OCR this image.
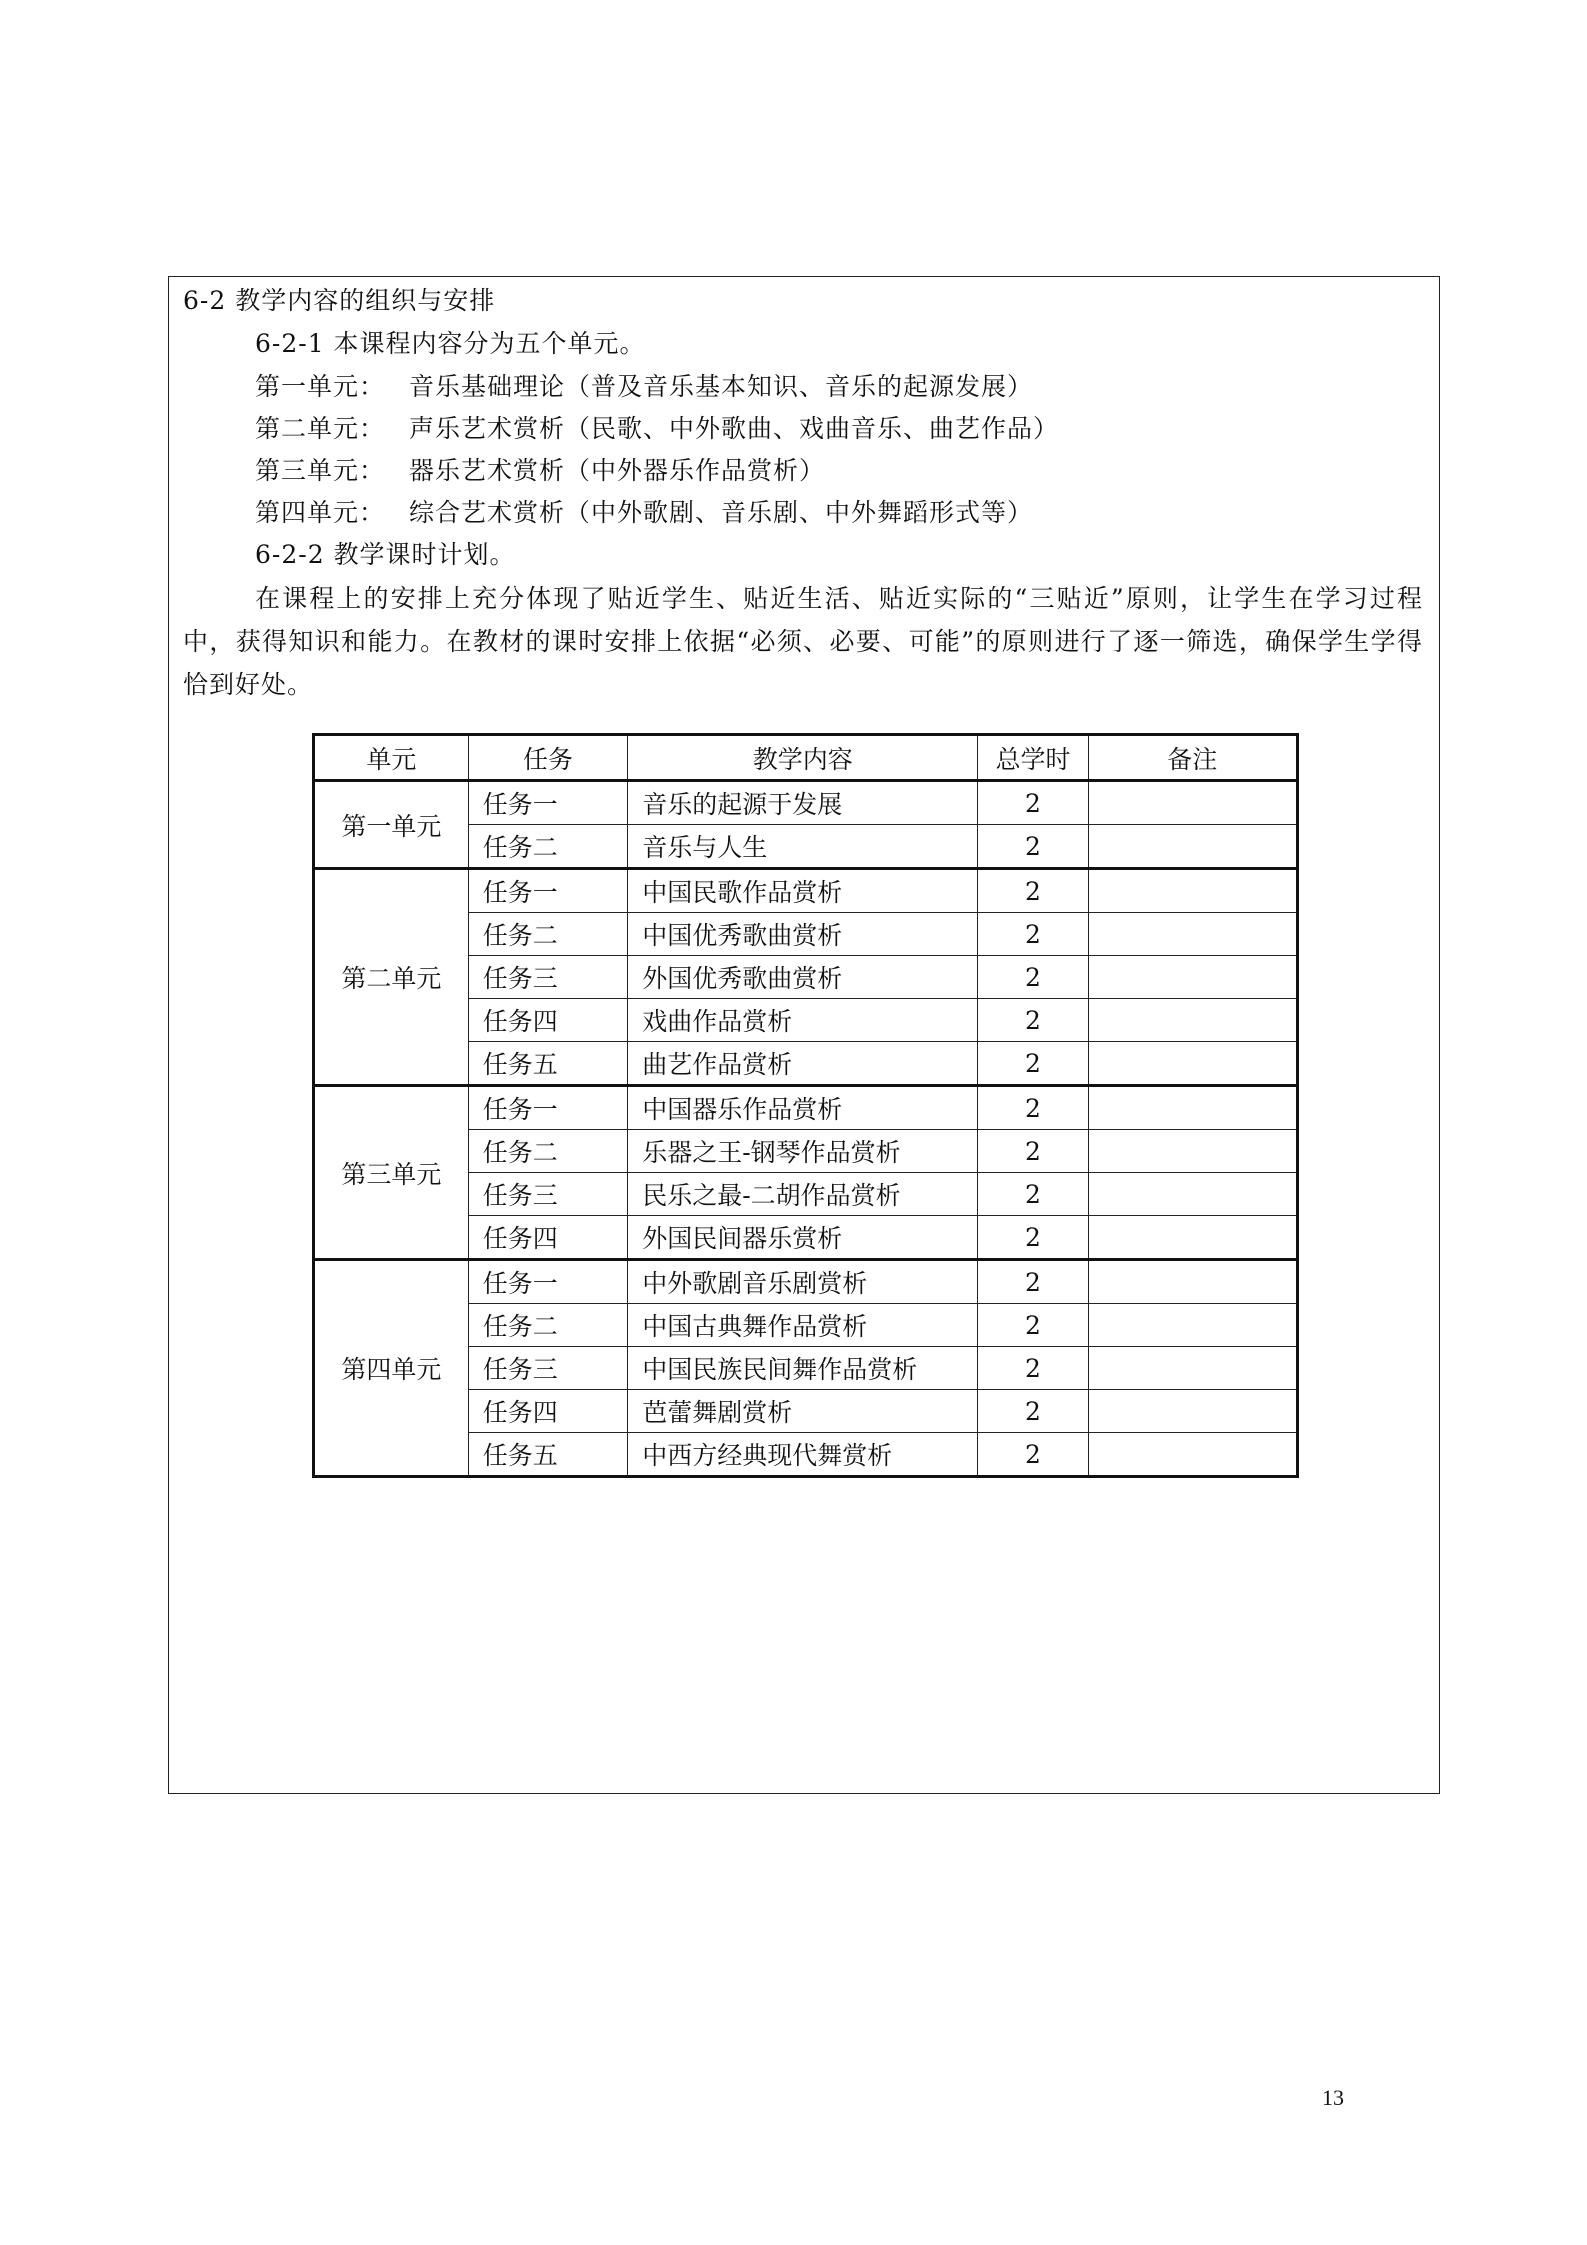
6-2 教学内容的组织与安排
6-2-1 本课程内容分为五个单元。
第一单元： 音乐基础理论（普及音乐基本知识、音乐的起源发展）
第二单元： 声乐艺术赏析（民歌、中外歌曲、戏曲音乐、曲艺作品）
第三单元： 器乐艺术赏析（中外器乐作品赏析）
第四单元： 综合艺术赏析（中外歌剧、音乐剧、中外舞蹈形式等）
6-2-2 教学课时计划。
在课程上的安排上充分体现了贴近学生、贴近生活、贴近实际的“三贴近”原则，让学生在学习过程中，获得知识和能力。在教材的课时安排上依据“必须、必要、可能”的原则进行了逐一筛选，确保学生学得恰到好处。
单元	任务	教学内容	总学时	备注
第一单元	任务一	音乐的起源于发展	2	
	任务二	音乐与人生	2	
第二单元	任务一	中国民歌作品赏析	2	
	任务二	中国优秀歌曲赏析	2	
	任务三	外国优秀歌曲赏析	2	
	任务四	戏曲作品赏析	2	
	任务五	曲艺作品赏析	2	
第三单元	任务一	中国器乐作品赏析	2	
	任务二	乐器之王-钢琴作品赏析	2	
	任务三	民乐之最-二胡作品赏析	2	
	任务四	外国民间器乐赏析	2	
第四单元	任务一	中外歌剧音乐剧赏析	2	
	任务二	中国古典舞作品赏析	2	
	任务三	中国民族民间舞作品赏析	2	
	任务四	芭蕾舞剧赏析	2	
	任务五	中西方经典现代舞赏析	2	
13
